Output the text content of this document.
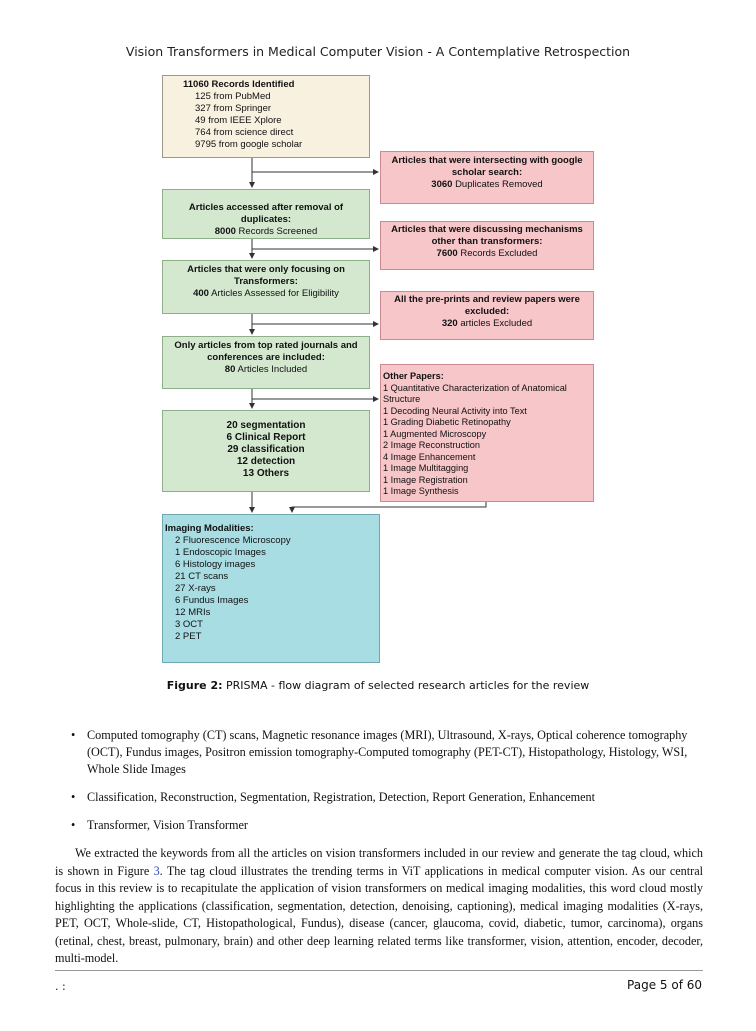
Vision Transformers in Medical Computer Vision - A Contemplative Retrospection
11060 Records Identified
125 from PubMed
327 from Springer
49 from IEEE Xplore
764 from science direct
9795 from google scholar
Articles that were intersecting with google scholar search:
3060 Duplicates Removed
Articles accessed after removal of duplicates:
8000 Records Screened	Articles that were discussing mechanisms other than transformers:
7600 Records Excluded
Articles that were only focusing on Transformers:
400 Articles Assessed for Eligibility
All the pre-prints and review papers were excluded:
320 articles Excluded
Only articles from top rated journals and conferences are included:
80 Articles Included
Other Papers:
1 Quantitative Characterization of Anatomical Structure
1 Decoding Neural Activity into Text
1 Grading Diabetic Retinopathy
1 Augmented Microscopy
2 Image Reconstruction
4 Image Enhancement
1 Image Multitagging
1 Image Registration
1 Image Synthesis
20 segmentation
6 Clinical Report
29 classification
12 detection
13 Others
Imaging Modalities:
2 Fluorescence Microscopy
1 Endoscopic Images
6 Histology images
21 CT scans
27 X-rays
6 Fundus Images
12 MRIs
3 OCT
2 PET
Figure 2: PRISMA - flow diagram of selected research articles for the review
• Computed tomography (CT) scans, Magnetic resonance images (MRI), Ultrasound, X-rays, Optical coherence tomography (OCT), Fundus images, Positron emission tomography-Computed tomography (PET-CT), Histopathology, Histology, WSI, Whole Slide Images
• Classification, Reconstruction, Segmentation, Registration, Detection, Report Generation, Enhancement
• Transformer, Vision Transformer

We extracted the keywords from all the articles on vision transformers included in our review and generate the tag cloud, which is shown in Figure 3. The tag cloud illustrates the trending terms in ViT applications in medical computer vision. As our central focus in this review is to recapitulate the application of vision transformers on medical imaging modalities, this word cloud mostly highlighting the applications (classification, segmentation, detection, denoising, captioning), medical imaging modalities (X-rays, PET, OCT, Whole-slide, CT, Histopathological, Fundus), disease (cancer, glaucoma, covid, diabetic, tumor, carcinoma), organs (retinal, chest, breast, pulmonary, brain) and other deep learning related terms like transformer, vision, attention, encoder, decoder, multi-model.

. :	Page 5 of 60
